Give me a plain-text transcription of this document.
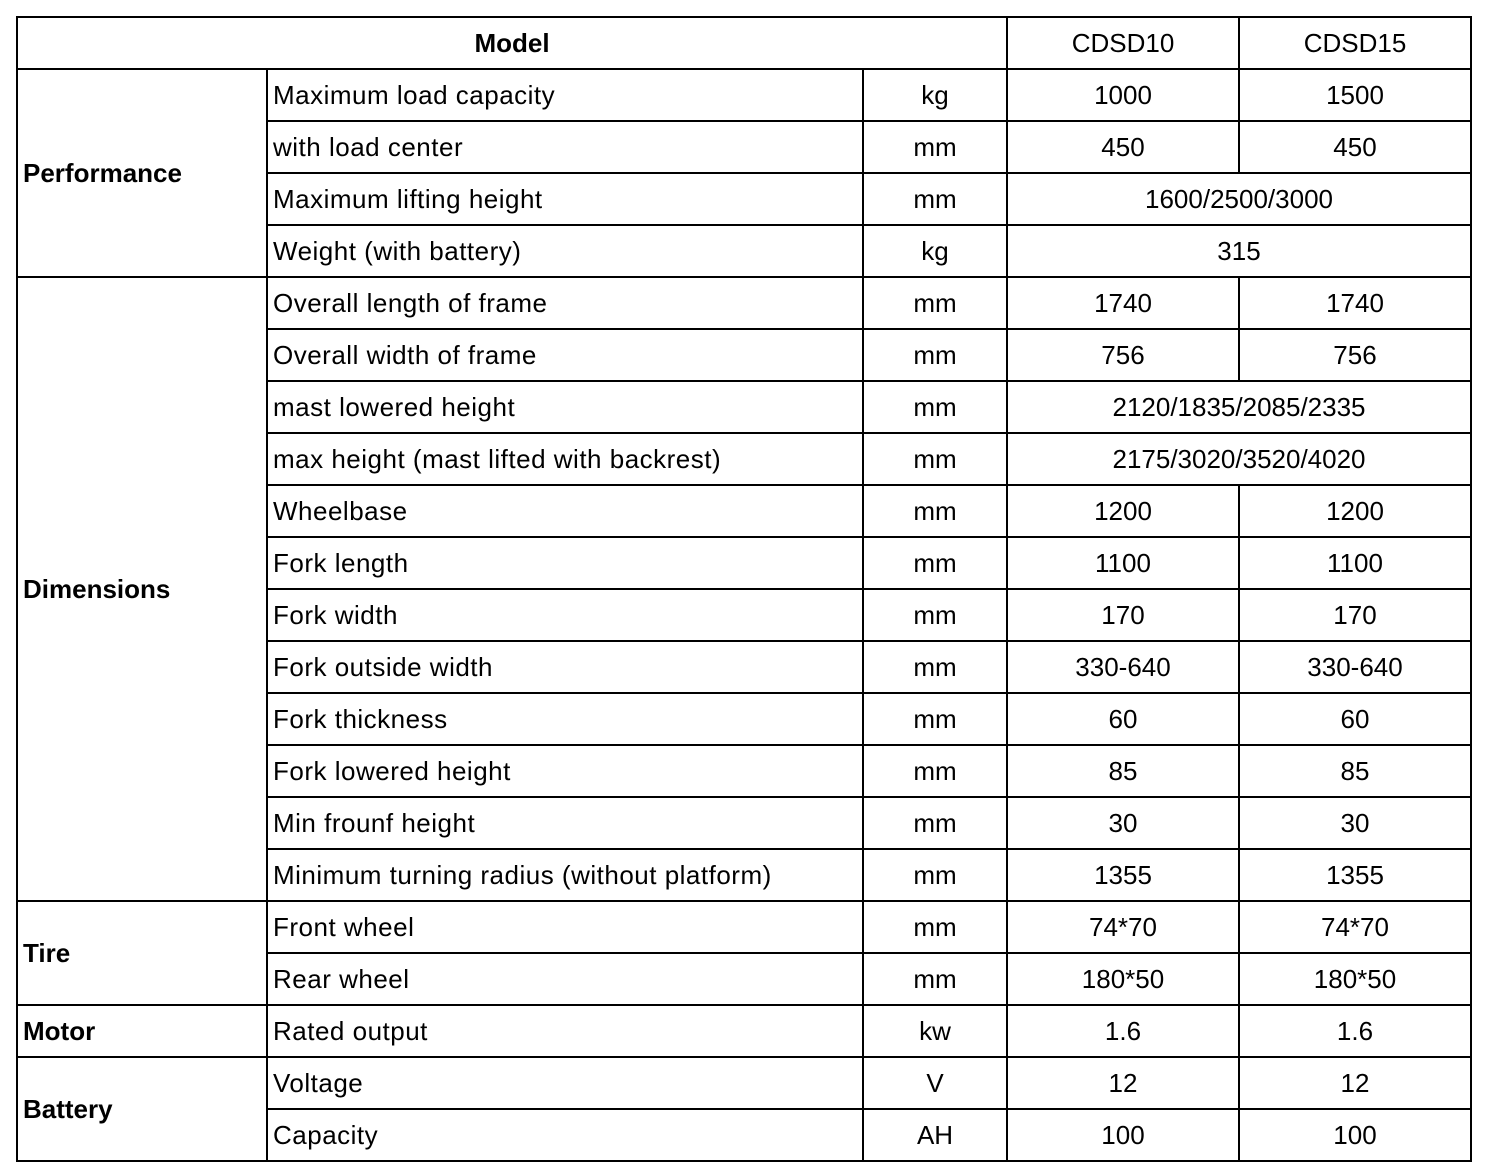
Model			CDSD10	CDSD15
Performance	Maximum load capacity	kg	1000	1500
	with load center	mm	450	450
	Maximum lifting height	mm	1600/2500/3000	
	Weight (with battery)	kg	315	
Dimensions	Overall length of frame	mm	1740	1740
	Overall width of frame	mm	756	756
	mast lowered height	mm	2120/1835/2085/2335	
	max height (mast lifted with backrest)	mm	2175/3020/3520/4020	
	Wheelbase	mm	1200	1200
	Fork length	mm	1100	1100
	Fork width	mm	170	170
	Fork outside width	mm	330-640	330-640
	Fork thickness	mm	60	60
	Fork lowered height	mm	85	85
	Min frounf height	mm	30	30
	Minimum turning radius (without platform)	mm	1355	1355
Tire	Front wheel	mm	74*70	74*70
	Rear wheel	mm	180*50	180*50
Motor	Rated output	kw	1.6	1.6
Battery	Voltage	V	12	12
	Capacity	AH	100	100
